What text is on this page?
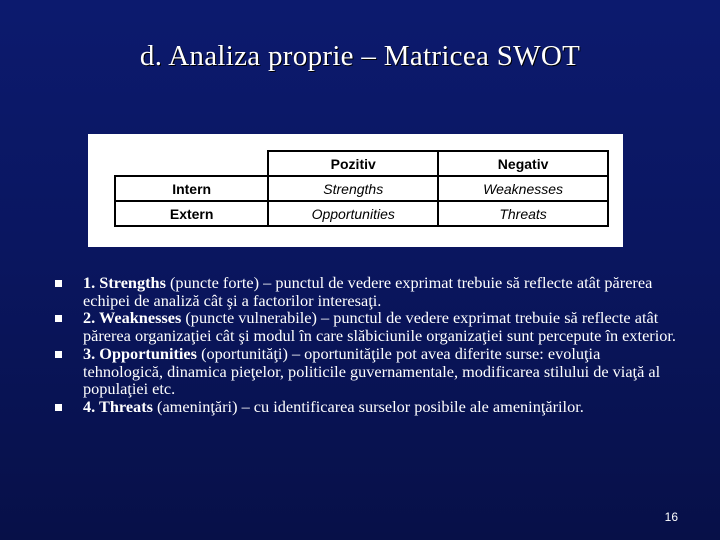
d. Analiza proprie – Matricea SWOT
	Pozitiv	Negativ
Intern	Strengths	Weaknesses
Extern	Opportunities	Threats
1. Strengths (puncte forte) – punctul de vedere exprimat trebuie să reflecte atât părerea echipei de analiză cât şi a factorilor interesaţi.
2. Weaknesses (puncte vulnerabile) – punctul de vedere exprimat trebuie să reflecte atât părerea organizaţiei cât şi modul în care slăbiciunile organizaţiei sunt percepute în exterior.
3. Opportunities (oportunităţi) – oportunităţile pot avea diferite surse: evoluţia tehnologică, dinamica pieţelor, politicile guvernamentale, modificarea stilului de viaţă al populaţiei etc.
4. Threats (ameninţări) – cu identificarea surselor posibile ale ameninţărilor.
16
